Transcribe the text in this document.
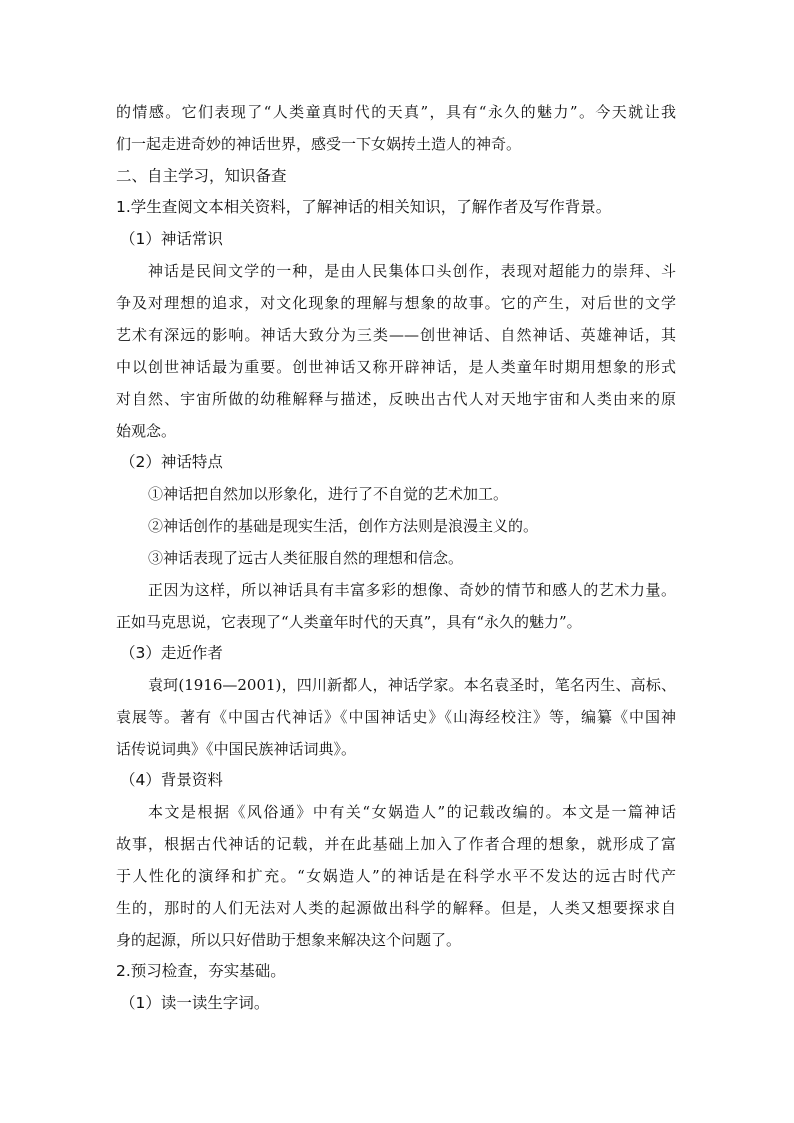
的情感。它们表现了“人类童真时代的天真”，具有“永久的魅力”。今天就让我
们一起走进奇妙的神话世界，感受一下女娲抟土造人的神奇。
二、自主学习，知识备查
1.学生查阅文本相关资料，了解神话的相关知识，了解作者及写作背景。
（1）神话常识
神话是民间文学的一种，是由人民集体口头创作，表现对超能力的崇拜、斗
争及对理想的追求，对文化现象的理解与想象的故事。它的产生，对后世的文学
艺术有深远的影响。神话大致分为三类——创世神话、自然神话、英雄神话，其
中以创世神话最为重要。创世神话又称开辟神话，是人类童年时期用想象的形式
对自然、宇宙所做的幼稚解释与描述，反映出古代人对天地宇宙和人类由来的原
始观念。
（2）神话特点
①神话把自然加以形象化，进行了不自觉的艺术加工。
②神话创作的基础是现实生活，创作方法则是浪漫主义的。
③神话表现了远古人类征服自然的理想和信念。
正因为这样，所以神话具有丰富多彩的想像、奇妙的情节和感人的艺术力量。
正如马克思说，它表现了“人类童年时代的天真”，具有“永久的魅力”。
（3）走近作者
袁珂(1916—2001)，四川新都人，神话学家。本名袁圣时，笔名丙生、高标、
袁展等。著有《中国古代神话》《中国神话史》《山海经校注》等，编纂《中国神
话传说词典》《中国民族神话词典》。
（4）背景资料
本文是根据《风俗通》中有关“女娲造人”的记载改编的。本文是一篇神话
故事，根据古代神话的记载，并在此基础上加入了作者合理的想象，就形成了富
于人性化的演绎和扩充。“女娲造人”的神话是在科学水平不发达的远古时代产
生的，那时的人们无法对人类的起源做出科学的解释。但是，人类又想要探求自
身的起源，所以只好借助于想象来解决这个问题了。
2.预习检查，夯实基础。
（1）读一读生字词。
